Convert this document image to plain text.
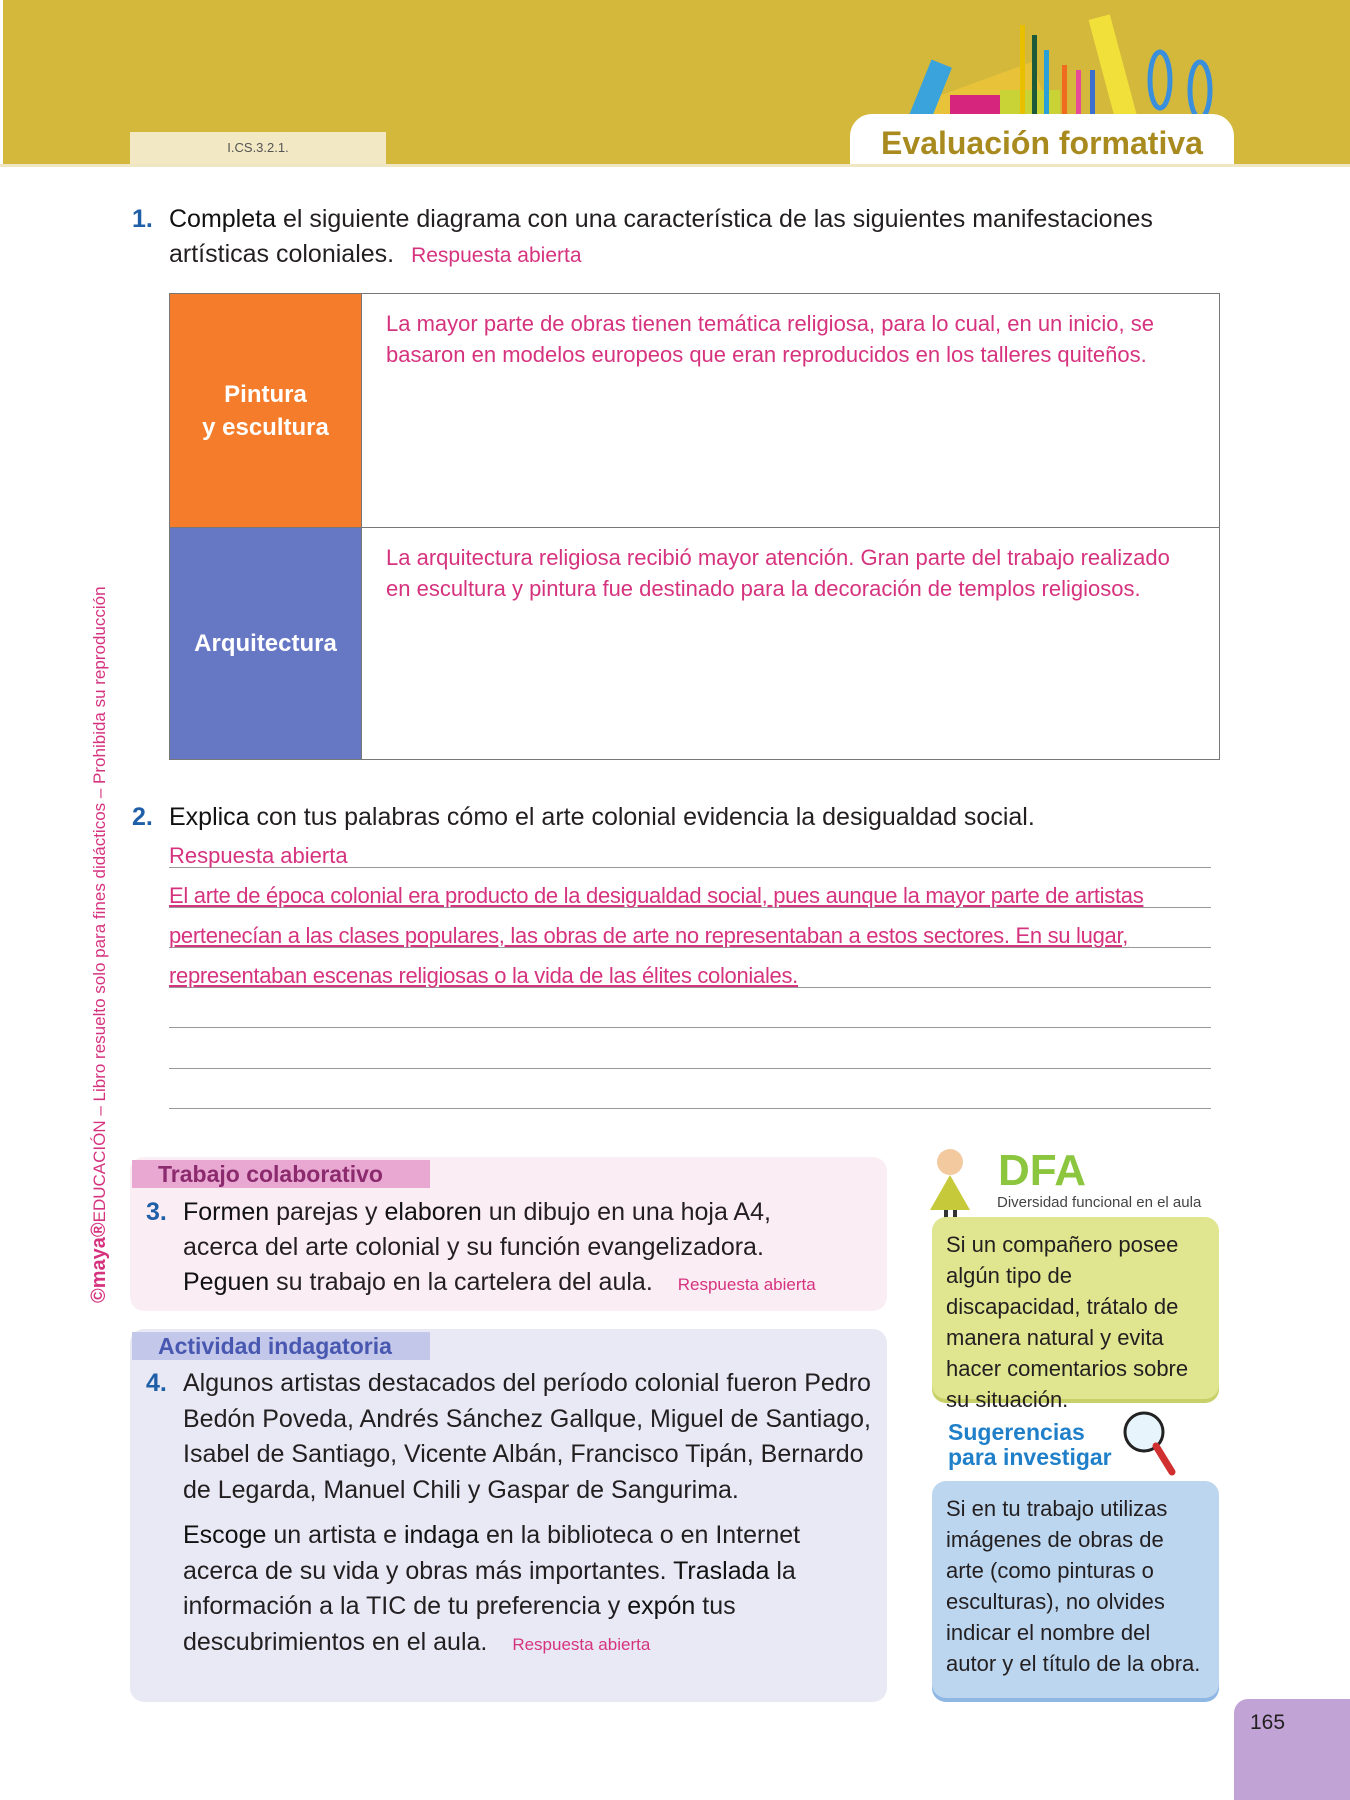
I.CS.3.2.1.	Evaluación formativa
©maya®EDUCACIÓN – Libro resuelto solo para fines didácticos – Prohibida su reproducción
1. Completa el siguiente diagrama con una característica de las siguientes manifestaciones
artísticas coloniales. Respuesta abierta
Pintura
y escultura
La mayor parte de obras tienen temática religiosa, para lo cual, en un inicio, se basaron en modelos europeos que eran reproducidos en los talleres quiteños.
Arquitectura
La arquitectura religiosa recibió mayor atención. Gran parte del trabajo realizado en escultura y pintura fue destinado para la decoración de templos religiosos.
2. Explica con tus palabras cómo el arte colonial evidencia la desigualdad social.
Respuesta abierta
El arte de época colonial era producto de la desigualdad social, pues aunque la mayor parte de artistas
pertenecían a las clases populares, las obras de arte no representaban a estos sectores. En su lugar,
representaban escenas religiosas o la vida de las élites coloniales.
Trabajo colaborativo
3. Formen parejas y elaboren un dibujo en una hoja A4,
acerca del arte colonial y su función evangelizadora.
Peguen su trabajo en la cartelera del aula. Respuesta abierta
Actividad indagatoria
4. Algunos artistas destacados del período colonial fueron Pedro Bedón Poveda, Andrés Sánchez Gallque, Miguel de Santiago, Isabel de Santiago, Vicente Albán, Francisco Tipán, Bernardo de Legarda, Manuel Chili y Gaspar de Sangurima.
Escoge un artista e indaga en la biblioteca o en Internet acerca de su vida y obras más importantes. Traslada la información a la TIC de tu preferencia y expón tus descubrimientos en el aula. Respuesta abierta
DFA
Diversidad funcional en el aula
Si un compañero posee algún tipo de discapacidad, trátalo de manera natural y evita hacer comentarios sobre su situación.
Sugerencias
para investigar
Si en tu trabajo utilizas imágenes de obras de arte (como pinturas o esculturas), no olvides indicar el nombre del autor y el título de la obra.
165
